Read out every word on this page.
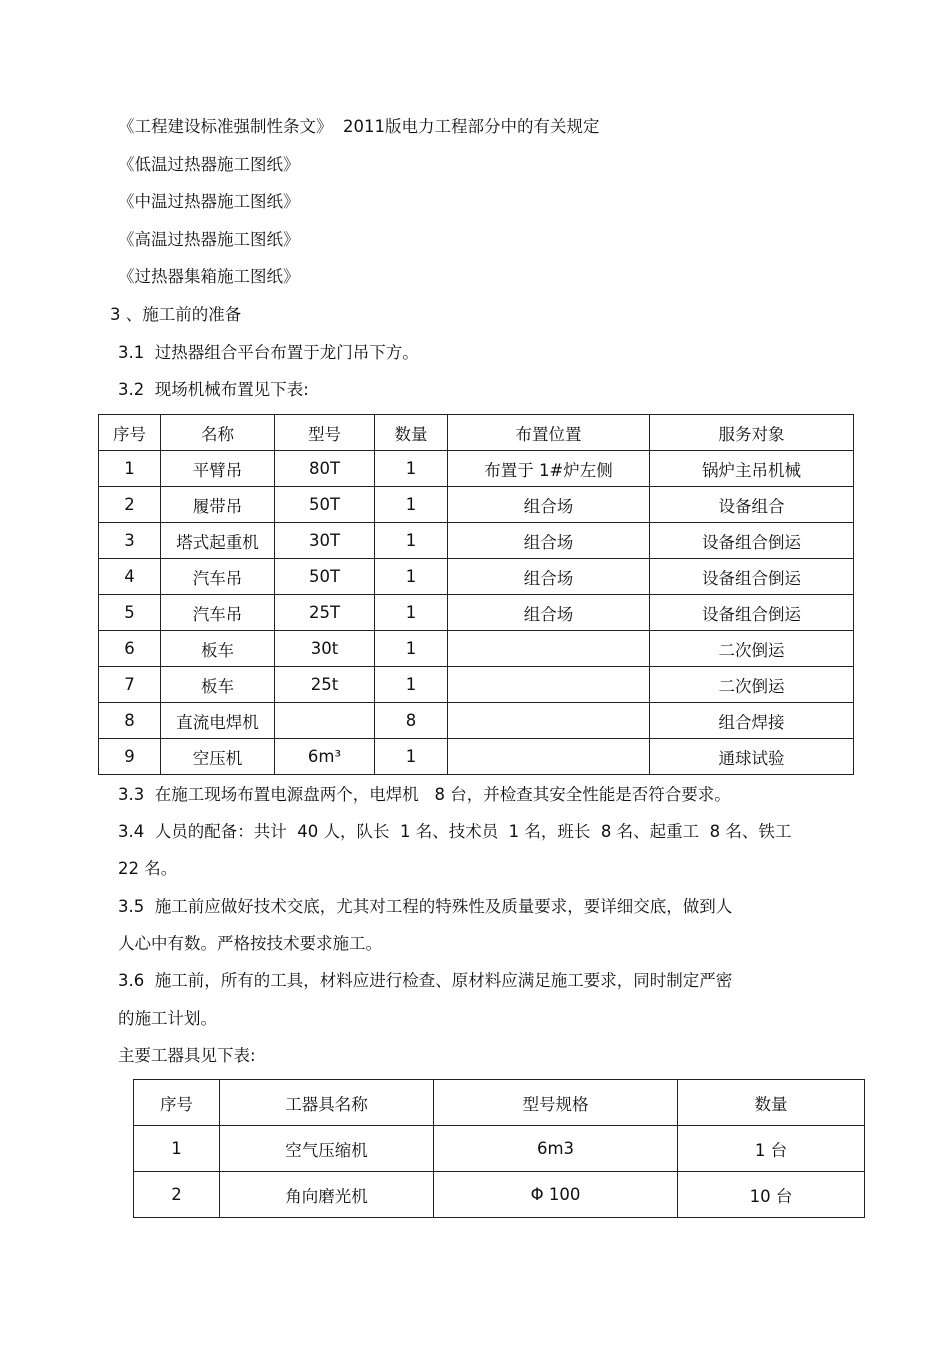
《工程建设标准强制性条文》  2011版电力工程部分中的有关规定
《低温过热器施工图纸》
《中温过热器施工图纸》
《高温过热器施工图纸》
《过热器集箱施工图纸》
3 、施工前的准备
3.1  过热器组合平台布置于龙门吊下方。
3.2  现场机械布置见下表:
序号	名称	型号	数量	布置位置	服务对象
1	平臂吊	80T	1	布置于 1#炉左侧	锅炉主吊机械
2	履带吊	50T	1	组合场	设备组合
3	塔式起重机	30T	1	组合场	设备组合倒运
4	汽车吊	50T	1	组合场	设备组合倒运
5	汽车吊	25T	1	组合场	设备组合倒运
6	板车	30t	1		二次倒运
7	板车	25t	1		二次倒运
8	直流电焊机		8		组合焊接
9	空压机	6m³	1		通球试验
3.3  在施工现场布置电源盘两个，电焊机   8 台，并检查其安全性能是否符合要求。
3.4  人员的配备：共计  40 人，队长  1 名、技术员  1 名，班长  8 名、起重工  8 名、铁工
22 名。
3.5  施工前应做好技术交底，尤其对工程的特殊性及质量要求，要详细交底，做到人
人心中有数。严格按技术要求施工。
3.6  施工前，所有的工具，材料应进行检查、原材料应满足施工要求，同时制定严密
的施工计划。
主要工器具见下表:
序号	工器具名称	型号规格	数量
1	空气压缩机	6m3	1 台
2	角向磨光机	Φ 100	10 台
